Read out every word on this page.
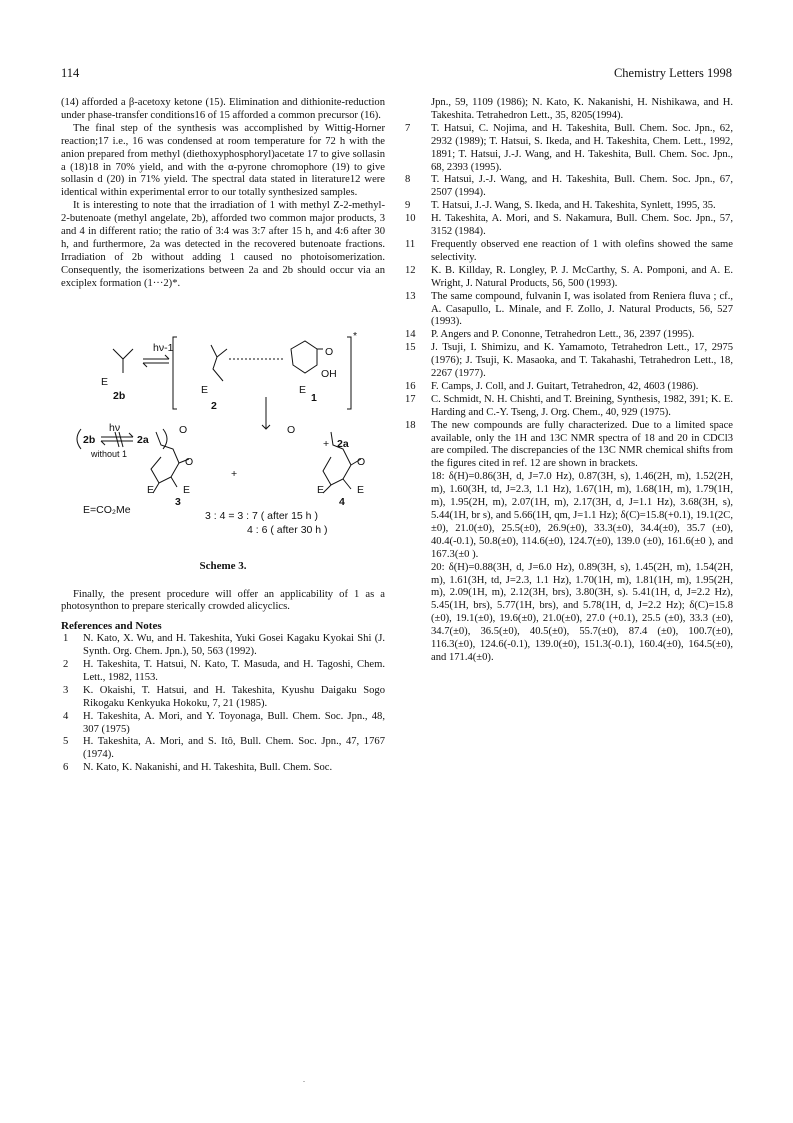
114	Chemistry Letters 1998

(14) afforded a β-acetoxy ketone (15). Elimination and dithionite-reduction under phase-transfer conditions16 of 15 afforded a common precursor (16).

The final step of the synthesis was accomplished by Wittig-Horner reaction;17 i.e., 16 was condensed at room temperature for 72 h with the anion prepared from methyl (diethoxyphosphoryl)acetate 17 to give sollasin a (18)18 in 70% yield, and with the α-pyrone chromophore (19) to give sollasin d (20) in 71% yield. The spectral data stated in literature12 were identical within experimental error to our totally synthesized samples.

It is interesting to note that the irradiation of 1 with methyl Z-2-methyl-2-butenoate (methyl angelate, 2b), afforded two common major products, 3 and 4 in different ratio; the ratio of 3:4 was 3:7 after 15 h, and 4:6 after 30 h, and furthermore, 2a was detected in the recovered butenoate fractions. Irradiation of 2b without adding 1 caused no photoisomerization. Consequently, the isomerizations between 2a and 2b should occur via an exciplex formation (1···2)*.

hν-1
E
2b	E
2
O
OH
E
1
*
hν
2b	2a
without 1
O
O
E	E
3
+
O
O
E	E
4
+ 2a
E=CO₂Me	3 : 4 = 3 : 7 ( after 15 h )
4 : 6 ( after 30 h )
Scheme 3.

Finally, the present procedure will offer an applicability of 1 as a photosynthon to prepare sterically crowded alicyclics.

References and Notes
1 N. Kato, X. Wu, and H. Takeshita, Yuki Gosei Kagaku Kyokai Shi (J. Synth. Org. Chem. Jpn.), 50, 563 (1992).
2 H. Takeshita, T. Hatsui, N. Kato, T. Masuda, and H. Tagoshi, Chem. Lett., 1982, 1153.
3 K. Okaishi, T. Hatsui, and H. Takeshita, Kyushu Daigaku Sogo Rikogaku Kenkyuka Hokoku, 7, 21 (1985).
4 H. Takeshita, A. Mori, and Y. Toyonaga, Bull. Chem. Soc. Jpn., 48, 307 (1975)
5 H. Takeshita, A. Mori, and S. Itô, Bull. Chem. Soc. Jpn., 47, 1767 (1974).
6 N. Kato, K. Nakanishi, and H. Takeshita, Bull. Chem. Soc.
Jpn., 59, 1109 (1986); N. Kato, K. Nakanishi, H. Nishikawa, and H. Takeshita. Tetrahedron Lett., 35, 8205(1994).
7 T. Hatsui, C. Nojima, and H. Takeshita, Bull. Chem. Soc. Jpn., 62, 2932 (1989); T. Hatsui, S. Ikeda, and H. Takeshita, Chem. Lett., 1992, 1891; T. Hatsui, J.-J. Wang, and H. Takeshita, Bull. Chem. Soc. Jpn., 68, 2393 (1995).
8 T. Hatsui, J.-J. Wang, and H. Takeshita, Bull. Chem. Soc. Jpn., 67, 2507 (1994).
9 T. Hatsui, J.-J. Wang, S. Ikeda, and H. Takeshita, Synlett, 1995, 35.
10 H. Takeshita, A. Mori, and S. Nakamura, Bull. Chem. Soc. Jpn., 57, 3152 (1984).
11 Frequently observed ene reaction of 1 with olefins showed the same selectivity.
12 K. B. Killday, R. Longley, P. J. McCarthy, S. A. Pomponi, and A. E. Wright, J. Natural Products, 56, 500 (1993).
13 The same compound, fulvanin I, was isolated from Reniera fluva ; cf., A. Casapullo, L. Minale, and F. Zollo, J. Natural Products, 56, 527 (1993).
14 P. Angers and P. Cononne, Tetrahedron Lett., 36, 2397 (1995).
15 J. Tsuji, I. Shimizu, and K. Yamamoto, Tetrahedron Lett., 17, 2975 (1976); J. Tsuji, K. Masaoka, and T. Takahashi, Tetrahedron Lett., 18, 2267 (1977).
16 F. Camps, J. Coll, and J. Guitart, Tetrahedron, 42, 4603 (1986).
17 C. Schmidt, N. H. Chishti, and T. Breining, Synthesis, 1982, 391; K. E. Harding and C.-Y. Tseng, J. Org. Chem., 40, 929 (1975).
18 The new compounds are fully characterized. Due to a limited space available, only the 1H and 13C NMR spectra of 18 and 20 in CDCl3 are compiled. The discrepancies of the 13C NMR chemical shifts from the figures cited in ref. 12 are shown in brackets.
18: δ(H)=0.86(3H, d, J=7.0 Hz), 0.87(3H, s), 1.46(2H, m), 1.52(2H, m), 1.60(3H, td, J=2.3, 1.1 Hz), 1.67(1H, m), 1.68(1H, m), 1.79(1H, m), 1.95(2H, m), 2.07(1H, m), 2.17(3H, d, J=1.1 Hz), 3.68(3H, s), 5.44(1H, br s), and 5.66(1H, qm, J=1.1 Hz); δ(C)=15.8(+0.1), 19.1(2C, ±0), 21.0(±0), 25.5(±0), 26.9(±0), 33.3(±0), 34.4(±0), 35.7 (±0), 40.4(-0.1), 50.8(±0), 114.6(±0), 124.7(±0), 139.0 (±0), 161.6(±0 ), and 167.3(±0 ).
20: δ(H)=0.88(3H, d, J=6.0 Hz), 0.89(3H, s), 1.45(2H, m), 1.54(2H, m), 1.61(3H, td, J=2.3, 1.1 Hz), 1.70(1H, m), 1.81(1H, m), 1.95(2H, m), 2.09(1H, m), 2.12(3H, brs), 3.80(3H, s). 5.41(1H, d, J=2.2 Hz), 5.45(1H, brs), 5.77(1H, brs), and 5.78(1H, d, J=2.2 Hz); δ(C)=15.8 (±0), 19.1(±0), 19.6(±0), 21.0(±0), 27.0 (+0.1), 25.5 (±0), 33.3 (±0), 34.7(±0), 36.5(±0), 40.5(±0), 55.7(±0), 87.4 (±0), 100.7(±0), 116.3(±0), 124.6(-0.1), 139.0(±0), 151.3(-0.1), 160.4(±0), 164.5(±0), and 171.4(±0).
